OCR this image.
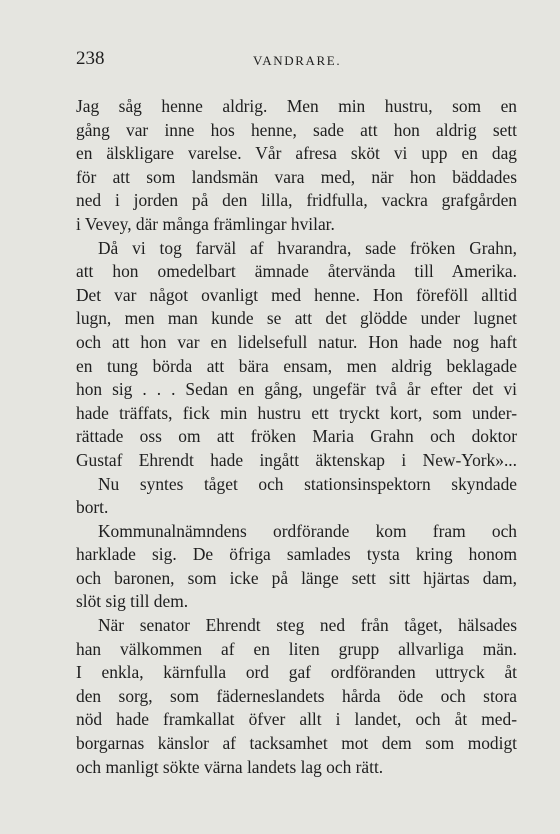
238	VANDRARE.
Jag såg henne aldrig. Men min hustru, som en
gång var inne hos henne, sade att hon aldrig sett
en älskligare varelse. Vår afresa sköt vi upp en dag
för att som landsmän vara med, när hon bäddades
ned i jorden på den lilla, fridfulla, vackra grafgården
i Vevey, där många främlingar hvilar.
Då vi tog farväl af hvarandra, sade fröken Grahn,
att hon omedelbart ämnade återvända till Amerika.
Det var något ovanligt med henne. Hon föreföll alltid
lugn, men man kunde se att det glödde under lugnet
och att hon var en lidelsefull natur. Hon hade nog haft
en tung börda att bära ensam, men aldrig beklagade
hon sig . . . Sedan en gång, ungefär två år efter det vi
hade träffats, fick min hustru ett tryckt kort, som under-
rättade oss om att fröken Maria Grahn och doktor
Gustaf Ehrendt hade ingått äktenskap i New-York»...
Nu syntes tåget och stationsinspektorn skyndade
bort.
Kommunalnämndens ordförande kom fram och
harklade sig. De öfriga samlades tysta kring honom
och baronen, som icke på länge sett sitt hjärtas dam,
slöt sig till dem.
När senator Ehrendt steg ned från tåget, hälsades
han välkommen af en liten grupp allvarliga män.
I enkla, kärnfulla ord gaf ordföranden uttryck åt
den sorg, som fäderneslandets hårda öde och stora
nöd hade framkallat öfver allt i landet, och åt med-
borgarnas känslor af tacksamhet mot dem som modigt
och manligt sökte värna landets lag och rätt.
